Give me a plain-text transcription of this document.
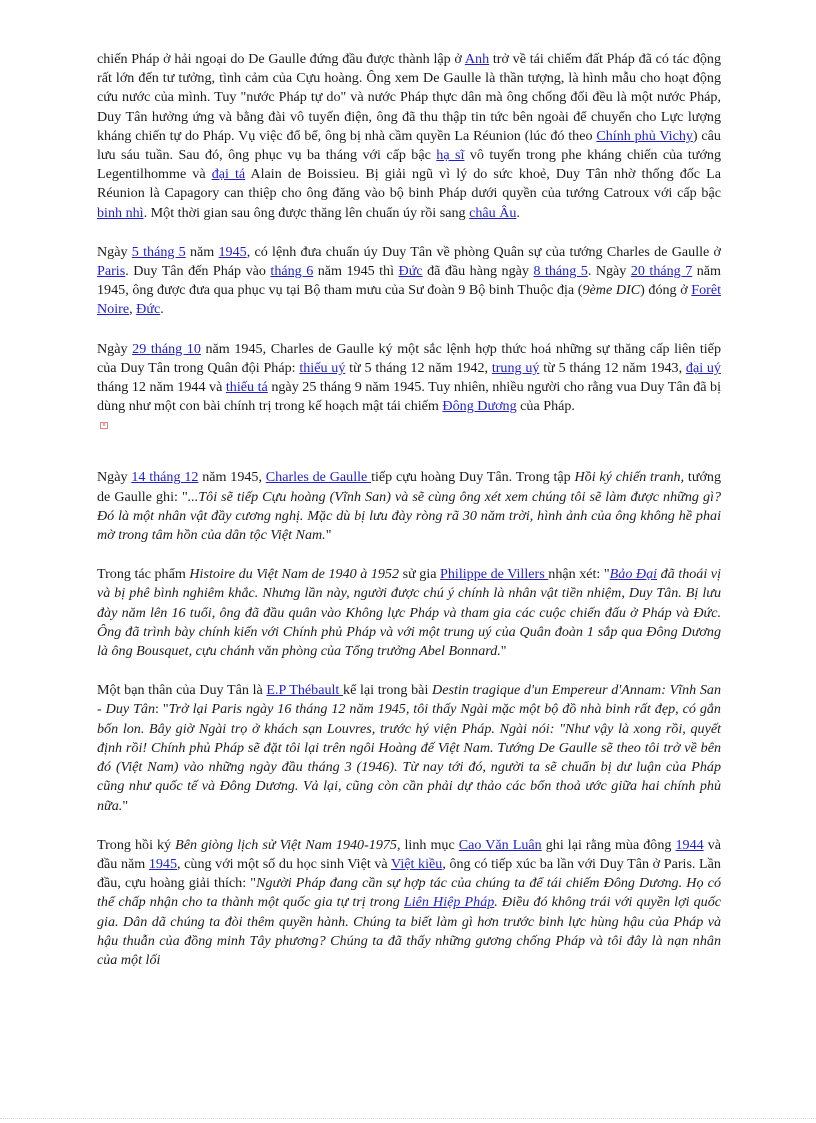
chiến Pháp ở hải ngoại do De Gaulle đứng đầu được thành lập ở Anh trở về tái chiếm đất Pháp đã có tác động rất lớn đến tư tưởng, tình cảm của Cựu hoàng. Ông xem De Gaulle là thần tượng, là hình mẫu cho hoạt động cứu nước của mình. Tuy "nước Pháp tự do" và nước Pháp thực dân mà ông chống đối đều là một nước Pháp, Duy Tân hưởng ứng và bằng đài vô tuyến điện, ông đã thu thập tin tức bên ngoài để chuyển cho Lực lượng kháng chiến tự do Pháp. Vụ việc đổ bể, ông bị nhà cầm quyền La Réunion (lúc đó theo Chính phủ Vichy) câu lưu sáu tuần. Sau đó, ông phục vụ ba tháng với cấp bậc hạ sĩ vô tuyến trong phe kháng chiến của tướng Legentilhomme và đại tá Alain de Boissieu. Bị giải ngũ vì lý do sức khoẻ, Duy Tân nhờ thống đốc La Réunion là Capagory can thiệp cho ông đăng vào bộ binh Pháp dưới quyền của tướng Catroux với cấp bậc binh nhì. Một thời gian sau ông được thăng lên chuẩn úy rồi sang châu Âu.

Ngày 5 tháng 5 năm 1945, có lệnh đưa chuẩn úy Duy Tân về phòng Quân sự của tướng Charles de Gaulle ở Paris. Duy Tân đến Pháp vào tháng 6 năm 1945 thì Đức đã đầu hàng ngày 8 tháng 5. Ngày 20 tháng 7 năm 1945, ông được đưa qua phục vụ tại Bộ tham mưu của Sư đoàn 9 Bộ binh Thuộc địa (9ème DIC) đóng ở Forêt Noire, Đức.

Ngày 29 tháng 10 năm 1945, Charles de Gaulle ký một sắc lệnh hợp thức hoá những sự thăng cấp liên tiếp của Duy Tân trong Quân đội Pháp: thiếu uý từ 5 tháng 12 năm 1942, trung uý từ 5 tháng 12 năm 1943, đại uý tháng 12 năm 1944 và thiếu tá ngày 25 tháng 9 năm 1945. Tuy nhiên, nhiều người cho rằng vua Duy Tân đã bị dùng như một con bài chính trị trong kế hoạch mật tái chiếm Đông Dương của Pháp.

x

Ngày 14 tháng 12 năm 1945, Charles de Gaulle tiếp cựu hoàng Duy Tân. Trong tập Hồi ký chiến tranh, tướng de Gaulle ghi: "...Tôi sẽ tiếp Cựu hoàng (Vĩnh San) và sẽ cùng ông xét xem chúng tôi sẽ làm được những gì? Đó là một nhân vật đầy cương nghị. Mặc dù bị lưu đày ròng rã 30 năm trời, hình ảnh của ông không hề phai mờ trong tâm hồn của dân tộc Việt Nam."

Trong tác phẩm Histoire du Việt Nam de 1940 à 1952 sử gia Philippe de Villers nhận xét: "Bảo Đại đã thoái vị và bị phê bình nghiêm khắc. Nhưng lần này, người được chú ý chính là nhân vật tiền nhiệm, Duy Tân. Bị lưu đày năm lên 16 tuổi, ông đã đầu quân vào Không lực Pháp và tham gia các cuộc chiến đấu ở Pháp và Đức. Ông đã trình bày chính kiến với Chính phủ Pháp và với một trung uý của Quân đoàn 1 sắp qua Đông Dương là ông Bousquet, cựu chánh văn phòng của Tổng trưởng Abel Bonnard."

Một bạn thân của Duy Tân là E.P Thébault kể lại trong bài Destin tragique d'un Empereur d'Annam: Vĩnh San - Duy Tân: "Trở lại Paris ngày 16 tháng 12 năm 1945, tôi thấy Ngài mặc một bộ đồ nhà binh rất đẹp, có gắn bốn lon. Bây giờ Ngài trọ ở khách sạn Louvres, trước hý viện Pháp. Ngài nói: "Như vậy là xong rồi, quyết định rồi! Chính phủ Pháp sẽ đặt tôi lại trên ngôi Hoàng đế Việt Nam. Tướng De Gaulle sẽ theo tôi trở về bên đó (Việt Nam) vào những ngày đầu tháng 3 (1946). Từ nay tới đó, người ta sẽ chuẩn bị dư luận của Pháp cũng như quốc tế và Đông Dương. Vả lại, cũng còn cần phải dự thảo các bổn thoả ước giữa hai chính phủ nữa."

Trong hồi ký Bên giòng lịch sử Việt Nam 1940-1975, linh mục Cao Văn Luân ghi lại rằng mùa đông 1944 và đầu năm 1945, cùng với một số du học sinh Việt và Việt kiều, ông có tiếp xúc ba lần với Duy Tân ở Paris. Lần đầu, cựu hoàng giải thích: "Người Pháp đang cần sự hợp tác của chúng ta để tái chiếm Đông Dương. Họ có thể chấp nhận cho ta thành một quốc gia tự trị trong Liên Hiệp Pháp. Điều đó không trái với quyền lợi quốc gia. Dân dã chúng ta đòi thêm quyền hành. Chúng ta biết làm gì hơn trước binh lực hùng hậu của Pháp và hậu thuẫn của đồng minh Tây phương? Chúng ta đã thấy những gương chống Pháp và tôi đây là nạn nhân của một lối
